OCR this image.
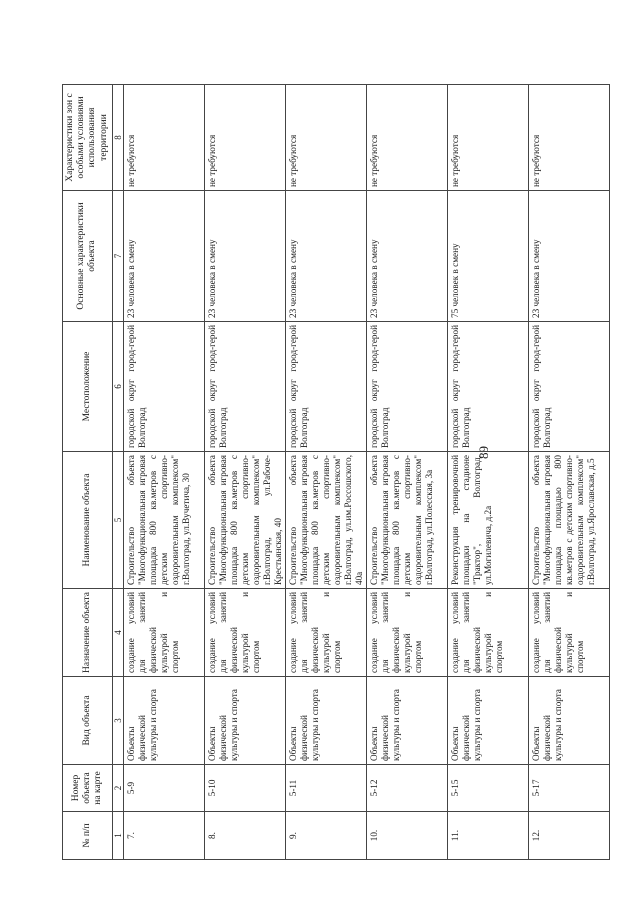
89
№ п/п	Номер объекта на карте	Вид объекта	Назначение объекта	Наименование объекта	Местоположение	Основные характеристики объекта	Характеристики зон с особыми условиями использования территории
1	2	3	4	5	6	7	8
7.	5-9	Объекты физической культуры и спорта	создание условий для занятий физической культурой и спортом	Строительство объекта "Многофункциональная игровая площадка 800 кв.метров с детским спортивно-оздоровительным комплексом" г.Волгоград, ул.Вучетича, 30	городской округ город-герой Волгоград	23 человека в смену	не требуются
8.	5-10	Объекты физической культуры и спорта	создание условий для занятий физической культурой и спортом	Строительство объекта "Многофункциональная игровая площадка 800 кв.метров с детским спортивно-оздоровительным комплексом" г.Волгоград, ул.Рабоче-Крестьянская, 40	городской округ город-герой Волгоград	23 человека в смену	не требуются
9.	5-11	Объекты физической культуры и спорта	создание условий для занятий физической культурой и спортом	Строительство объекта "Многофункциональная игровая площадка 800 кв.метров с детским спортивно-оздоровительным комплексом" г.Волгоград, ул.им.Россошского, 40а	городской округ город-герой Волгоград	23 человека в смену	не требуются
10.	5-12	Объекты физической культуры и спорта	создание условий для занятий физической культурой и спортом	Строительство объекта "Многофункциональная игровая площадка 800 кв.метров с детским спортивно-оздоровительным комплексом" г.Волгоград, ул.Полесская, 3а	городской округ город-герой Волгоград	23 человека в смену	не требуются
11.	5-15	Объекты физической культуры и спорта	создание условий для занятий физической культурой и спортом	Реконструкция тренировочной площадки на стадионе "Трактор", Волгоград, ул.Могилевича, д.2а	городской округ город-герой Волгоград	75 человек в смену	не требуются
12.	5-17	Объекты физической культуры и спорта	создание условий для занятий физической культурой и спортом	Строительство объекта "Многофункциональная игровая площадка площадью 800 кв.метров с детским спортивно-оздоровительным комплексом" г.Волгоград, ул.Ярославская, д.5	городской округ город-герой Волгоград	23 человека в смену	не требуются
